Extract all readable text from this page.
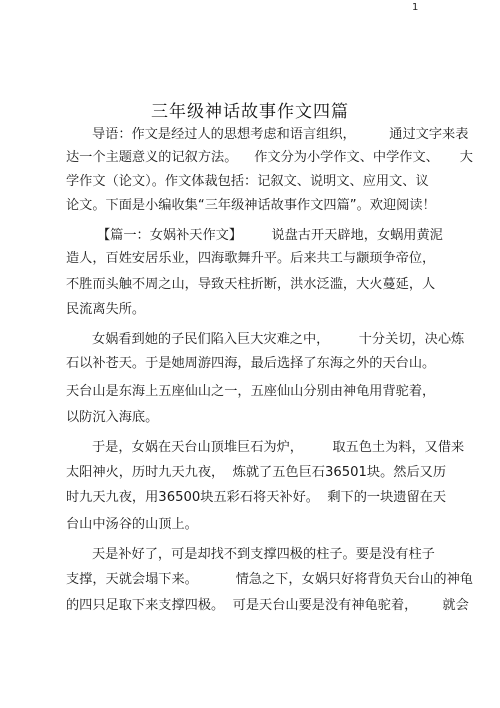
1
三年级神话故事作文四篇
导语：作文是经过人的思想考虑和语言组织，        通过文字来表
达一个主题意义的记叙方法。    作文分为小学作文、中学作文、     大
学作文（论文）。作文体裁包括：记叙文、说明文、应用文、议
论文。下面是小编收集“三年级神话故事作文四篇”。欢迎阅读！
【篇一：女娲补天作文】       说盘古开天辟地，女蜗用黄泥
造人，百姓安居乐业，四海歌舞升平。后来共工与颛顼争帝位，
不胜而头触不周之山，导致天柱折断，洪水泛滥，大火蔓延，人
民流离失所。
女娲看到她的子民们陷入巨大灾难之中，       十分关切，决心炼
石以补苍天。于是她周游四海，最后选择了东海之外的天台山。
天台山是东海上五座仙山之一，五座仙山分别由神龟用背驼着，
以防沉入海底。
于是，女娲在天台山顶堆巨石为炉，       取五色土为料，又借来
太阳神火，历时九天九夜，  炼就了五色巨石36501块。然后又历
时九天九夜，用36500块五彩石将天补好。  剩下的一块遗留在天
台山中汤谷的山顶上。
天是补好了，可是却找不到支撑四极的柱子。要是没有柱子
支撑，天就会塌下来。         情急之下，女娲只好将背负天台山的神龟
的四只足取下来支撑四极。  可是天台山要是没有神龟驼着，      就会
